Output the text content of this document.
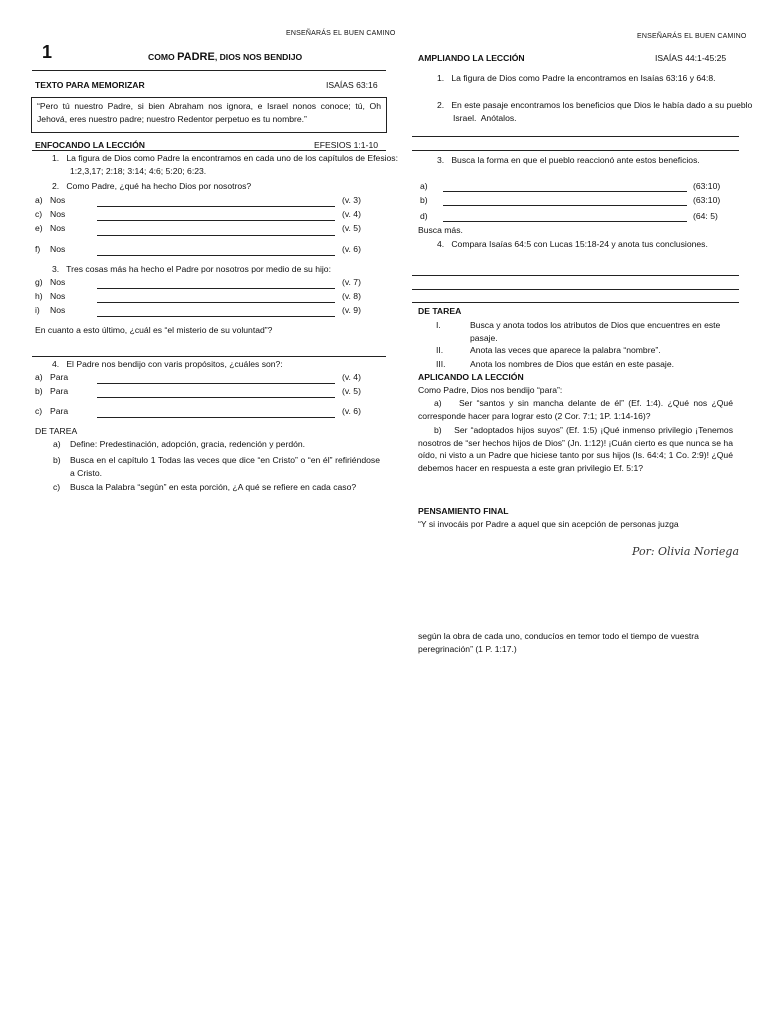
ENSEÑARÁS EL BUEN CAMINO
1	COMO PADRE, DIOS NOS BENDIJO
TEXTO PARA MEMORIZAR	ISAÍAS 63:16
“Pero tú nuestro Padre, si bien Abraham nos ignora, e Israel nonos conoce; tú, Oh Jehová, eres nuestro padre; nuestro Redentor perpetuo es tu nombre.”
ENFOCANDO LA LECCIÓN	EFESIOS 1:1-10
1.   La figura de Dios como Padre la encontramos en cada uno de los capítulos de Efesios: 1:2,3,17; 2:18; 3:14; 4:6; 5:20; 6:23.
2.   Como Padre, ¿qué ha hecho Dios por nosotros?
a) Nos	(v. 3)
c) Nos	(v. 4)
e) Nos	(v. 5)
f) Nos	(v. 6)
3.   Tres cosas más ha hecho el Padre por nosotros por medio de su hijo:
g) Nos	(v. 7)
h) Nos	(v. 8)
i) Nos	(v. 9)
En cuanto a esto último, ¿cuál es “el misterio de su voluntad”?
4.   El Padre nos bendijo con varis propósitos, ¿cuáles son?:
a) Para	(v. 4)
b) Para	(v. 5)
c) Para	(v. 6)
DE TAREA
a) Define: Predestinación, adopción, gracia, redención y perdón.
b) Busca en el capítulo 1 Todas las veces que dice “en Cristo” o “en él” refiriéndose a Cristo.
c) Busca la Palabra “según” en esta porción, ¿A qué se refiere en cada caso?
ENSEÑARÁS EL BUEN CAMINO
AMPLIANDO LA LECCIÓN	ISAÍAS 44:1-45:25
1.   La figura de Dios como Padre la encontramos en Isaías 63:16 y 64:8.
2.   En este pasaje encontramos los beneficios que Dios le había dado a su pueblo Israel.  Anótalos.
3.   Busca la forma en que el pueblo reaccionó ante estos beneficios.
a)	(63:10)
b)	(63:10)
d)	(64: 5)
Busca más.
4.   Compara Isaías 64:5 con Lucas 15:18-24 y anota tus conclusiones.
DE TAREA
I.	Busca y anota todos los atributos de Dios que encuentres en este pasaje.
II.	Anota las veces que aparece la palabra “nombre”.
III.	Anota los nombres de Dios que están en este pasaje.
APLICANDO LA LECCIÓN
Como Padre, Dios nos bendijo “para”:
a)    Ser “santos y sin mancha delante de él” (Ef. 1:4). ¿Qué nos ¿Qué corresponde hacer para lograr esto (2 Cor. 7:1; 1P. 1:14-16)?
b)    Ser “adoptados hijos suyos” (Ef. 1:5) ¡Qué inmenso privilegio ¡Tenemos nosotros de “ser hechos hijos de Dios” (Jn. 1:12)! ¡Cuán cierto es que nunca se ha oído, ni visto a un Padre que hiciese tanto por sus hijos (Is. 64:4; 1 Co. 2:9)! ¿Qué debemos hacer en respuesta a este gran privilegio Ef. 5:1?
PENSAMIENTO FINAL
“Y si invocáis por Padre a aquel que sin acepción de personas juzga
Por: Olivia Noriega
según la obra de cada uno, conducíos en temor todo el tiempo de vuestra peregrinación” (1 P. 1:17.)
